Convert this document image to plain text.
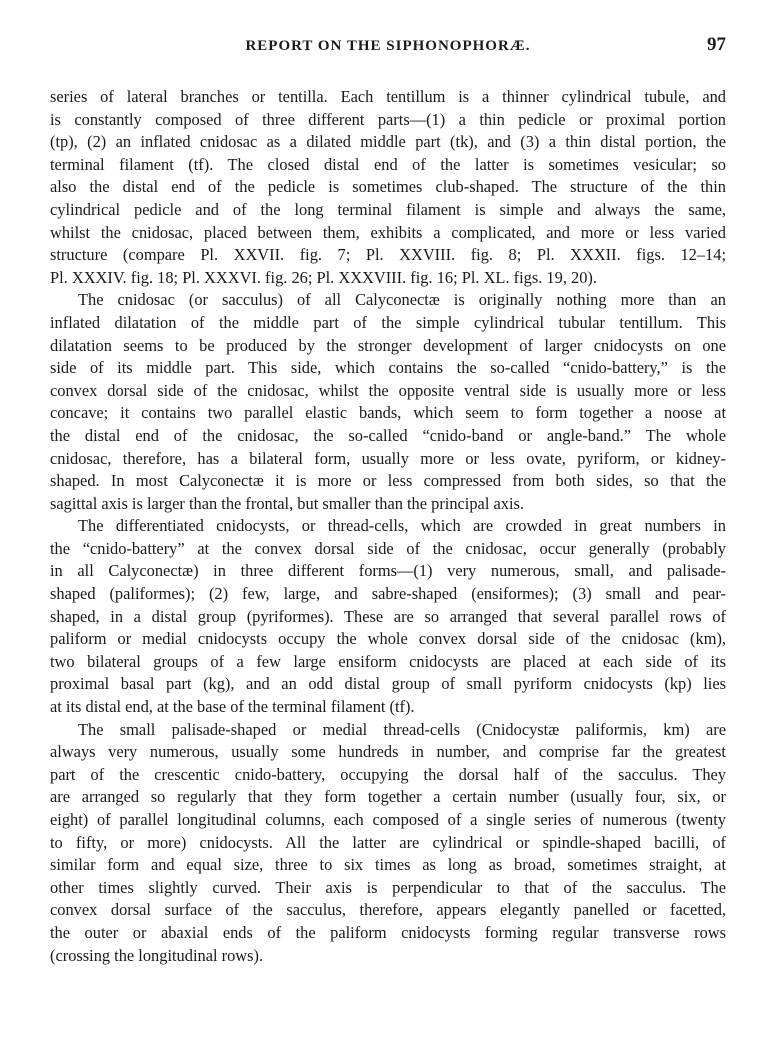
REPORT ON THE SIPHONOPHORÆ.	97

series of lateral branches or tentilla. Each tentillum is a thinner cylindrical tubule, and
is constantly composed of three different parts—(1) a thin pedicle or proximal portion
(tp), (2) an inflated cnidosac as a dilated middle part (tk), and (3) a thin distal portion, the
terminal filament (tf). The closed distal end of the latter is sometimes vesicular; so
also the distal end of the pedicle is sometimes club-shaped. The structure of the thin
cylindrical pedicle and of the long terminal filament is simple and always the same,
whilst the cnidosac, placed between them, exhibits a complicated, and more or less varied
structure (compare Pl. XXVII. fig. 7; Pl. XXVIII. fig. 8; Pl. XXXII. figs. 12–14;
Pl. XXXIV. fig. 18; Pl. XXXVI. fig. 26; Pl. XXXVIII. fig. 16; Pl. XL. figs. 19, 20).

The cnidosac (or sacculus) of all Calyconectæ is originally nothing more than an
inflated dilatation of the middle part of the simple cylindrical tubular tentillum. This
dilatation seems to be produced by the stronger development of larger cnidocysts on one
side of its middle part. This side, which contains the so-called “cnido-battery,” is the
convex dorsal side of the cnidosac, whilst the opposite ventral side is usually more or less
concave; it contains two parallel elastic bands, which seem to form together a noose at
the distal end of the cnidosac, the so-called “cnido-band or angle-band.” The whole
cnidosac, therefore, has a bilateral form, usually more or less ovate, pyriform, or kidney-
shaped. In most Calyconectæ it is more or less compressed from both sides, so that the
sagittal axis is larger than the frontal, but smaller than the principal axis.

The differentiated cnidocysts, or thread-cells, which are crowded in great numbers in
the “cnido-battery” at the convex dorsal side of the cnidosac, occur generally (probably
in all Calyconectæ) in three different forms—(1) very numerous, small, and palisade-
shaped (paliformes); (2) few, large, and sabre-shaped (ensiformes); (3) small and pear-
shaped, in a distal group (pyriformes). These are so arranged that several parallel rows of
paliform or medial cnidocysts occupy the whole convex dorsal side of the cnidosac (km),
two bilateral groups of a few large ensiform cnidocysts are placed at each side of its
proximal basal part (kg), and an odd distal group of small pyriform cnidocysts (kp) lies
at its distal end, at the base of the terminal filament (tf).

The small palisade-shaped or medial thread-cells (Cnidocystæ paliformis, km) are
always very numerous, usually some hundreds in number, and comprise far the greatest
part of the crescentic cnido-battery, occupying the dorsal half of the sacculus. They
are arranged so regularly that they form together a certain number (usually four, six, or
eight) of parallel longitudinal columns, each composed of a single series of numerous (twenty
to fifty, or more) cnidocysts. All the latter are cylindrical or spindle-shaped bacilli, of
similar form and equal size, three to six times as long as broad, sometimes straight, at
other times slightly curved. Their axis is perpendicular to that of the sacculus. The
convex dorsal surface of the sacculus, therefore, appears elegantly panelled or facetted,
the outer or abaxial ends of the paliform cnidocysts forming regular transverse rows
(crossing the longitudinal rows).
